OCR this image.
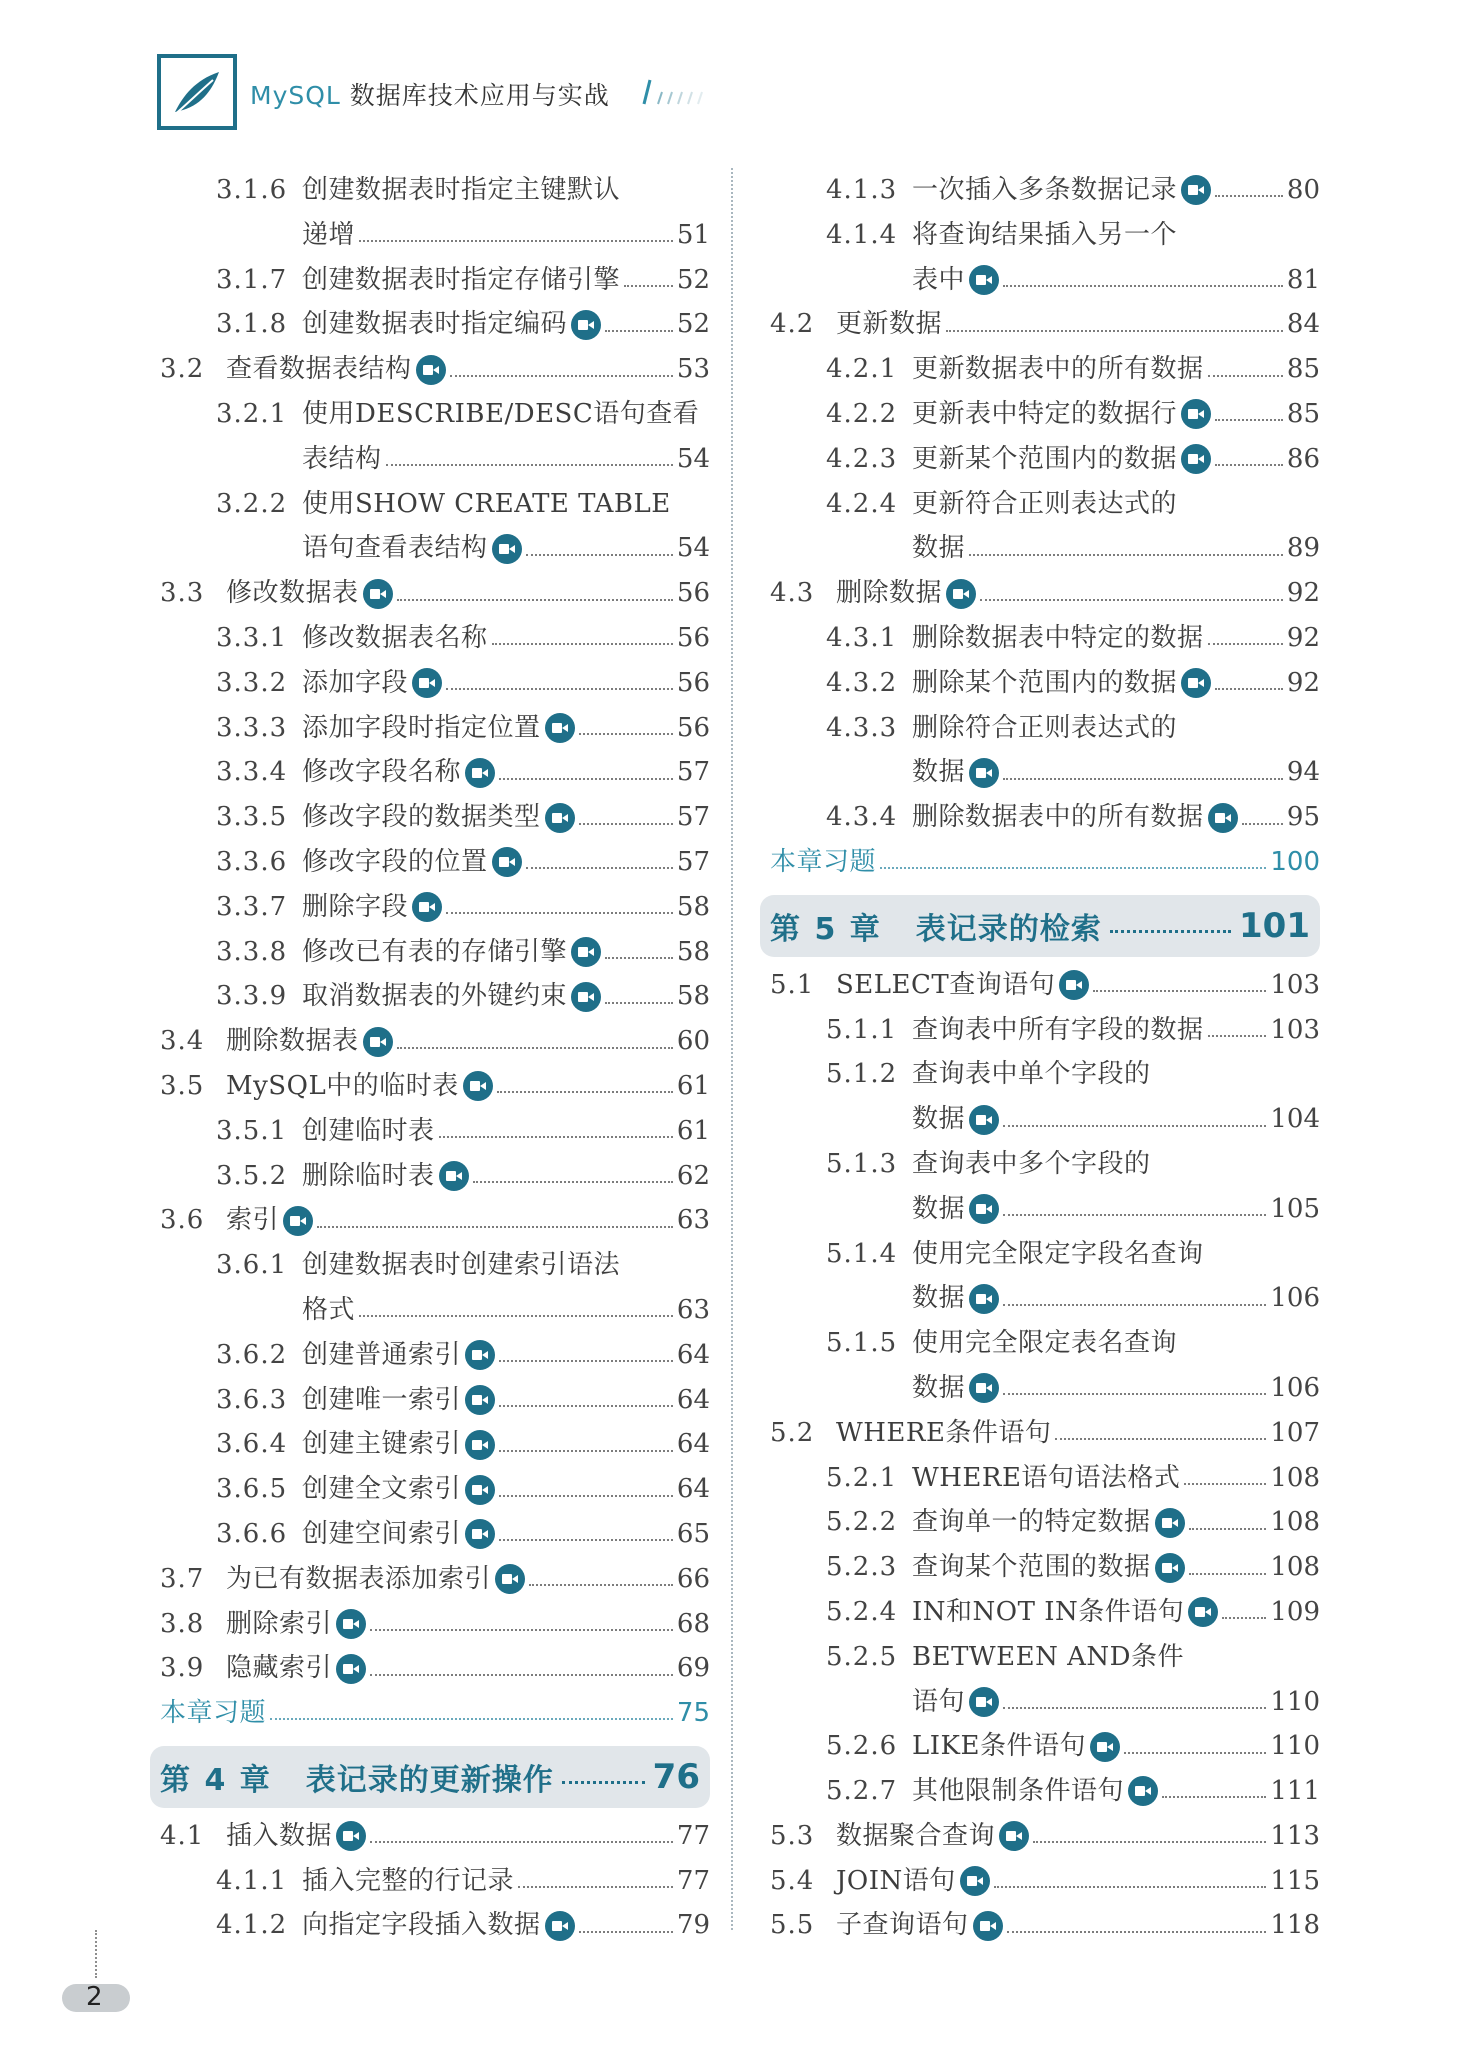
MySQL 数据库技术应用与实战
3.1.6 创建数据表时指定主键默认
递增	51
3.1.7 创建数据表时指定存储引擎 52
3.1.8 创建数据表时指定编码	52
3.2 查看数据表结构	53
3.2.1 使用DESCRIBE/DESC语句查看
表结构	54
3.2.2 使用SHOW CREATE TABLE
语句查看表结构	54
3.3 修改数据表	56
3.3.1 修改数据表名称	56
3.3.2 添加字段	56
3.3.3 添加字段时指定位置	56
3.3.4 修改字段名称	57
3.3.5 修改字段的数据类型	57
3.3.6 修改字段的位置	57
3.3.7 删除字段	58
3.3.8 修改已有表的存储引擎	58
3.3.9 取消数据表的外键约束	58
3.4 删除数据表	60
3.5 MySQL中的临时表	61
3.5.1 创建临时表	61
3.5.2 删除临时表	62
3.6 索引	63
3.6.1 创建数据表时创建索引语法
格式	63
3.6.2 创建普通索引	64
3.6.3 创建唯一索引	64
3.6.4 创建主键索引	64
3.6.5 创建全文索引	64
3.6.6 创建空间索引	65
3.7 为已有数据表添加索引	66
3.8 删除索引	68
3.9 隐藏索引	69
本章习题	75
第 4 章 表记录的更新操作	76
4.1 插入数据	77
4.1.1 插入完整的行记录	77
4.1.2 向指定字段插入数据	79
4.1.3 一次插入多条数据记录	80
4.1.4 将查询结果插入另一个
表中	81
4.2 更新数据	84
4.2.1 更新数据表中的所有数据	85
4.2.2 更新表中特定的数据行	85
4.2.3 更新某个范围内的数据	86
4.2.4 更新符合正则表达式的
数据	89
4.3 删除数据	92
4.3.1 删除数据表中特定的数据	92
4.3.2 删除某个范围内的数据	92
4.3.3 删除符合正则表达式的
数据	94
4.3.4 删除数据表中的所有数据	95
本章习题	100
第 5 章 表记录的检索	101
5.1 SELECT查询语句	103
5.1.1 查询表中所有字段的数据	103
5.1.2 查询表中单个字段的
数据	104
5.1.3 查询表中多个字段的
数据	105
5.1.4 使用完全限定字段名查询
数据	106
5.1.5 使用完全限定表名查询
数据	106
5.2 WHERE条件语句	107
5.2.1 WHERE语句语法格式	108
5.2.2 查询单一的特定数据	108
5.2.3 查询某个范围的数据	108
5.2.4 IN和NOT IN条件语句	109
5.2.5 BETWEEN AND条件
语句	110
5.2.6 LIKE条件语句	110
5.2.7 其他限制条件语句	111
5.3 数据聚合查询	113
5.4 JOIN语句	115
5.5 子查询语句	118
2
